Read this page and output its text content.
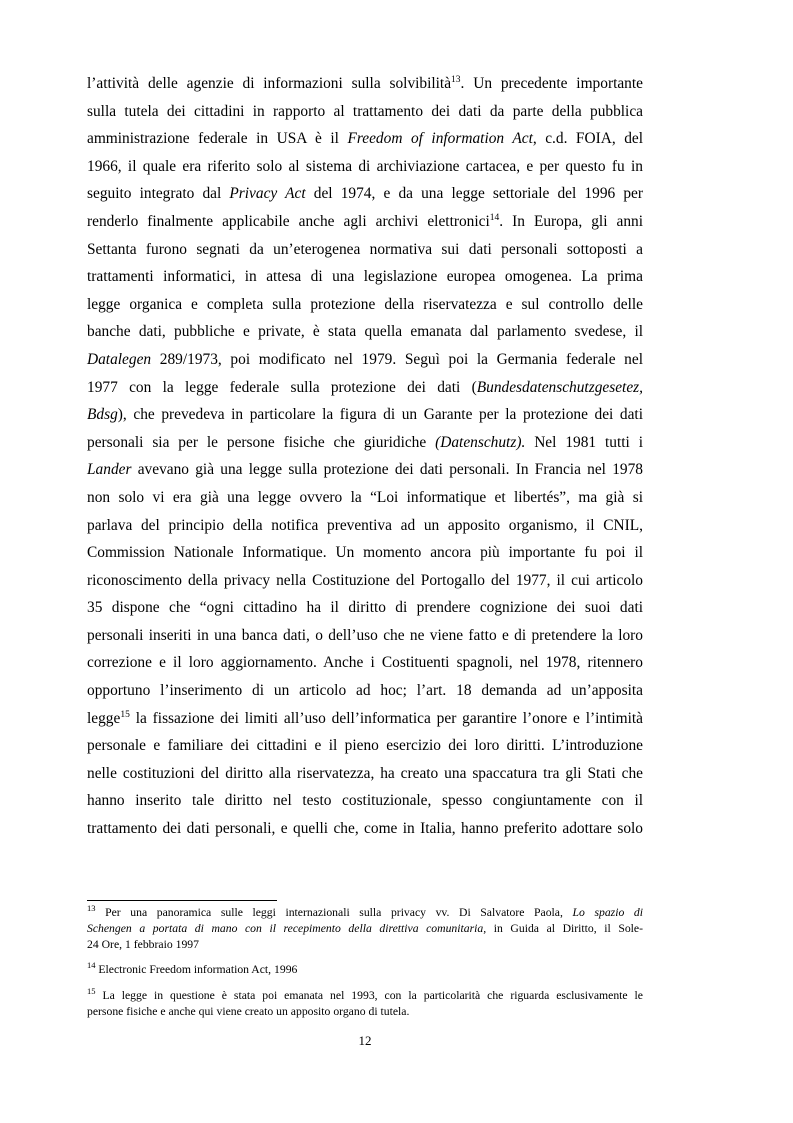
l’attività delle agenzie di informazioni sulla solvibilità$^{13}$. Un precedente importante
sulla tutela dei cittadini in rapporto al trattamento dei dati da parte della pubblica
amministrazione federale in USA è il Freedom of information Act, c.d. FOIA, del
1966, il quale era riferito solo al sistema di archiviazione cartacea, e per questo fu in
seguito integrato dal Privacy Act del 1974, e da una legge settoriale del 1996 per
renderlo finalmente applicabile anche agli archivi elettronici$^{14}$. In Europa, gli anni
Settanta furono segnati da un’eterogenea normativa sui dati personali sottoposti a
trattamenti informatici, in attesa di una legislazione europea omogenea. La prima
legge organica e completa sulla protezione della riservatezza e sul controllo delle
banche dati, pubbliche e private, è stata quella emanata dal parlamento svedese, il
Datalegen 289/1973, poi modificato nel 1979. Seguì poi la Germania federale nel
1977 con la legge federale sulla protezione dei dati (Bundesdatenschutzgesetez,
Bdsg), che prevedeva in particolare la figura di un Garante per la protezione dei dati
personali sia per le persone fisiche che giuridiche (Datenschutz). Nel 1981 tutti i
Lander avevano già una legge sulla protezione dei dati personali. In Francia nel 1978
non solo vi era già una legge ovvero la “Loi informatique et libertés”, ma già si
parlava del principio della notifica preventiva ad un apposito organismo, il CNIL,
Commission Nationale Informatique. Un momento ancora più importante fu poi il
riconoscimento della privacy nella Costituzione del Portogallo del 1977, il cui articolo
35 dispone che “ogni cittadino ha il diritto di prendere cognizione dei suoi dati
personali inseriti in una banca dati, o dell’uso che ne viene fatto e di pretendere la loro
correzione e il loro aggiornamento. Anche i Costituenti spagnoli, nel 1978, ritennero
opportuno l’inserimento di un articolo ad hoc; l’art. 18 demanda ad un’apposita
legge$^{15}$ la fissazione dei limiti all’uso dell’informatica per garantire l’onore e l’intimità
personale e familiare dei cittadini e il pieno esercizio dei loro diritti. L’introduzione
nelle costituzioni del diritto alla riservatezza, ha creato una spaccatura tra gli Stati che
hanno inserito tale diritto nel testo costituzionale, spesso congiuntamente con il
trattamento dei dati personali, e quelli che, come in Italia, hanno preferito adottare solo
$^{13}$ Per una panoramica sulle leggi internazionali sulla privacy vv. Di Salvatore Paola, Lo spazio di
Schengen a portata di mano con il recepimento della direttiva comunitaria, in Guida al Diritto, il Sole-
24 Ore, 1 febbraio 1997
$^{14}$ Electronic Freedom information Act, 1996
$^{15}$ La legge in questione è stata poi emanata nel 1993, con la particolarità che riguarda esclusivamente le
persone fisiche e anche qui viene creato un apposito organo di tutela.
12
